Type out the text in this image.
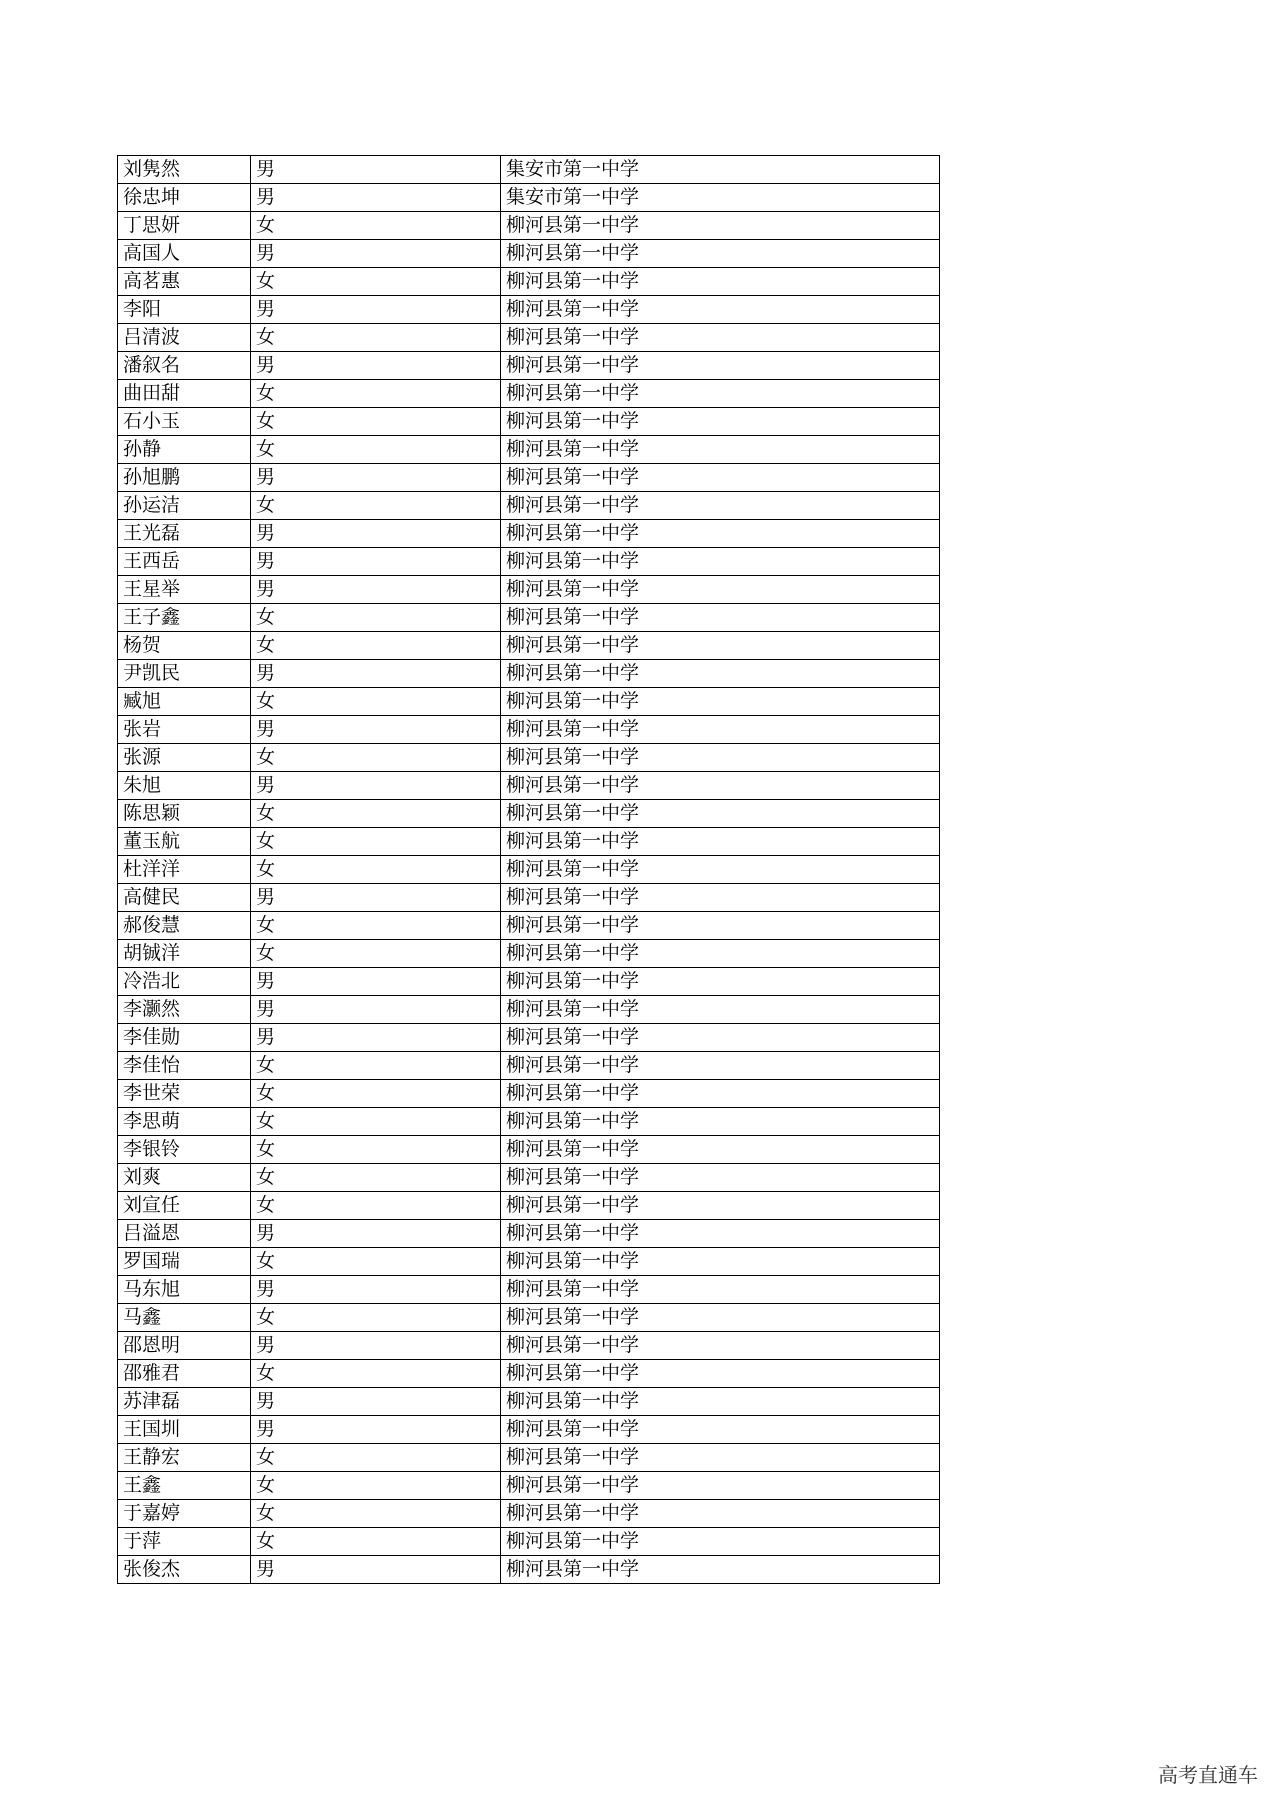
刘隽然	男	集安市第一中学
徐忠坤	男	集安市第一中学
丁思妍	女	柳河县第一中学
高国人	男	柳河县第一中学
高茗惠	女	柳河县第一中学
李阳	男	柳河县第一中学
吕清波	女	柳河县第一中学
潘叙名	男	柳河县第一中学
曲田甜	女	柳河县第一中学
石小玉	女	柳河县第一中学
孙静	女	柳河县第一中学
孙旭鹏	男	柳河县第一中学
孙运洁	女	柳河县第一中学
王光磊	男	柳河县第一中学
王西岳	男	柳河县第一中学
王星举	男	柳河县第一中学
王子鑫	女	柳河县第一中学
杨贺	女	柳河县第一中学
尹凯民	男	柳河县第一中学
臧旭	女	柳河县第一中学
张岩	男	柳河县第一中学
张源	女	柳河县第一中学
朱旭	男	柳河县第一中学
陈思颖	女	柳河县第一中学
董玉航	女	柳河县第一中学
杜洋洋	女	柳河县第一中学
高健民	男	柳河县第一中学
郝俊慧	女	柳河县第一中学
胡铖洋	女	柳河县第一中学
冷浩北	男	柳河县第一中学
李灏然	男	柳河县第一中学
李佳勋	男	柳河县第一中学
李佳怡	女	柳河县第一中学
李世荣	女	柳河县第一中学
李思萌	女	柳河县第一中学
李银铃	女	柳河县第一中学
刘爽	女	柳河县第一中学
刘宣任	女	柳河县第一中学
吕溢恩	男	柳河县第一中学
罗国瑞	女	柳河县第一中学
马东旭	男	柳河县第一中学
马鑫	女	柳河县第一中学
邵恩明	男	柳河县第一中学
邵雅君	女	柳河县第一中学
苏津磊	男	柳河县第一中学
王国圳	男	柳河县第一中学
王静宏	女	柳河县第一中学
王鑫	女	柳河县第一中学
于嘉婷	女	柳河县第一中学
于萍	女	柳河县第一中学
张俊杰	男	柳河县第一中学
高考直通车
